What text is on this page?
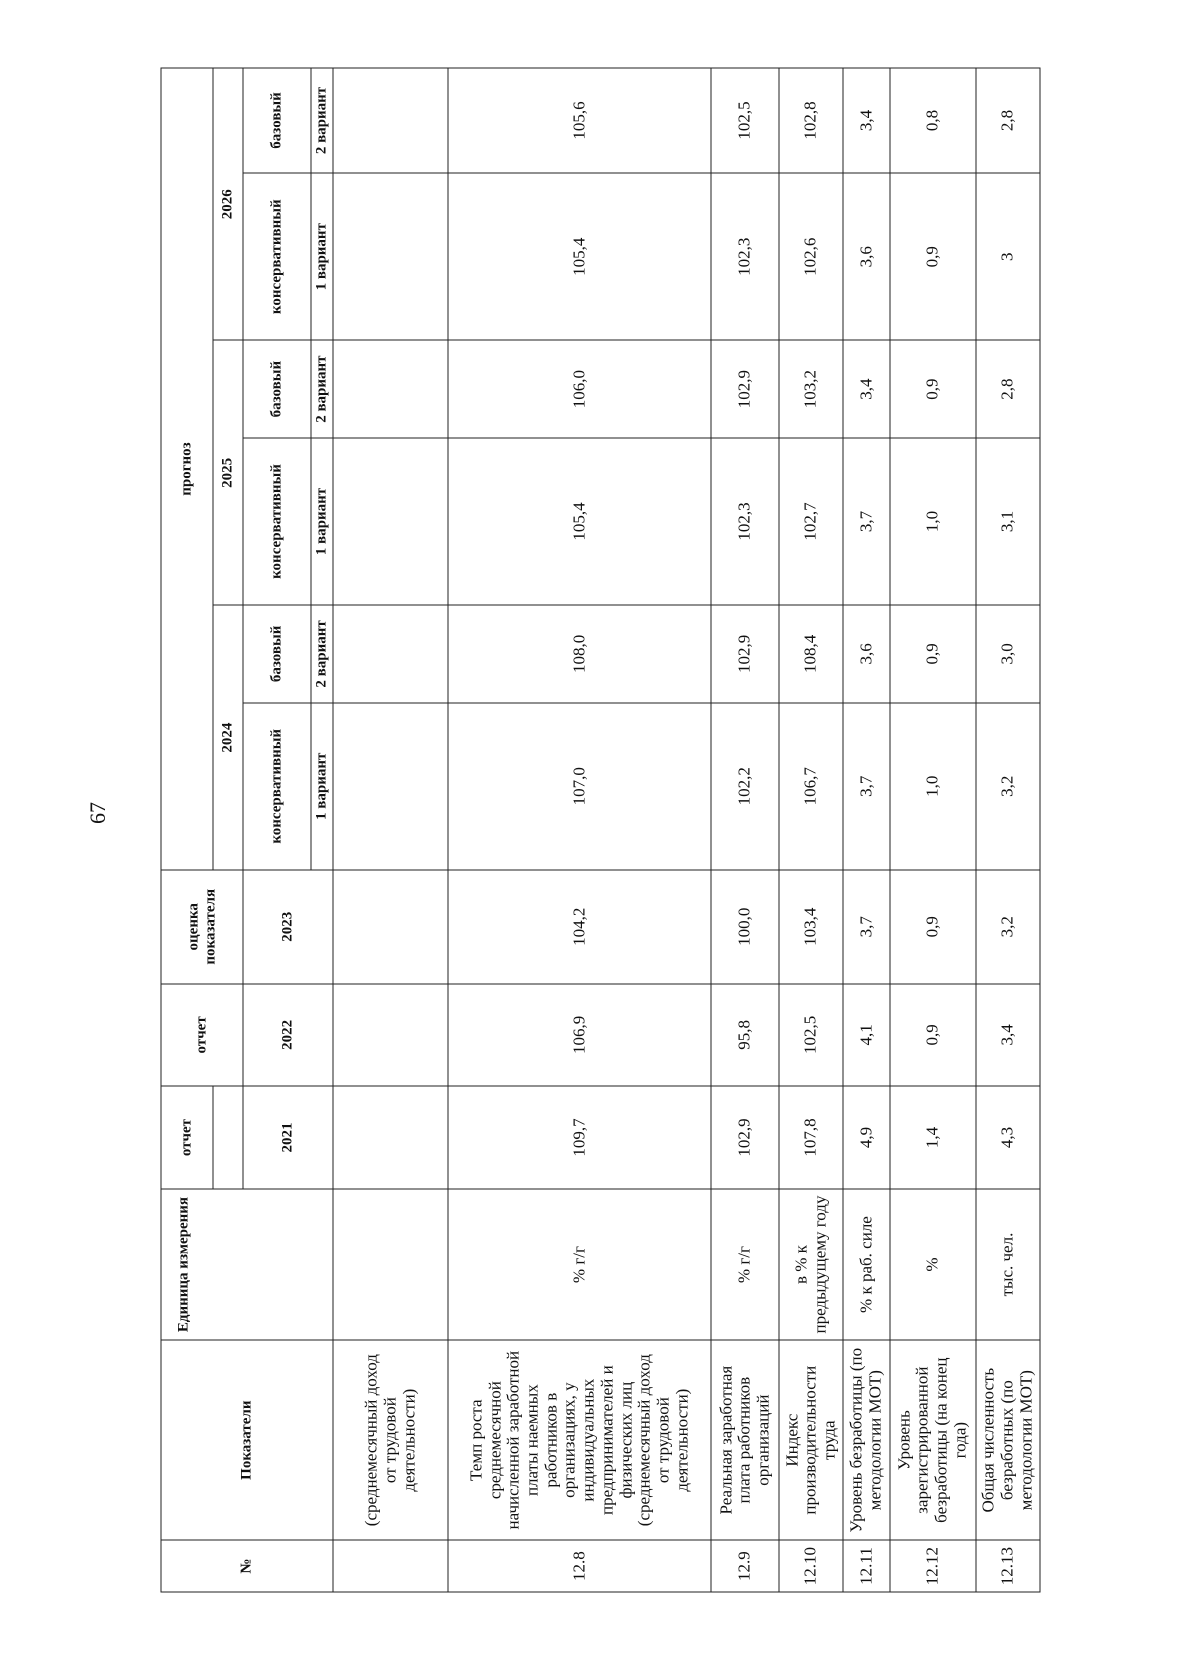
67
№	Показатели	Единица измерения	отчет	отчет	оценка показателя	прогноз					
						2024		2025		2026	
			2021	2022	2023	консервативный	базовый	консервативный	базовый	консервативный	базовый
						1 вариант	2 вариант	1 вариант	2 вариант	1 вариант	2 вариант
	(среднемесячный доход от трудовой деятельности)										
12.8	Темп роста среднемесячной начисленной заработной платы наемных работников в организациях, у индивидуальных предпринимателей и физических лиц (среднемесячный доход от трудовой деятельности)	% г/г	109,7	106,9	104,2	107,0	108,0	105,4	106,0	105,4	105,6
12.9	Реальная заработная плата работников организаций	% г/г	102,9	95,8	100,0	102,2	102,9	102,3	102,9	102,3	102,5
12.10	Индекс производительности труда	в % к предыдущему году	107,8	102,5	103,4	106,7	108,4	102,7	103,2	102,6	102,8
12.11	Уровень безработицы (по методологии МОТ)	% к раб. силе	4,9	4,1	3,7	3,7	3,6	3,7	3,4	3,6	3,4
12.12	Уровень зарегистрированной безработицы (на конец года)	%	1,4	0,9	0,9	1,0	0,9	1,0	0,9	0,9	0,8
12.13	Общая численность безработных (по методологии МОТ)	тыс. чел.	4,3	3,4	3,2	3,2	3,0	3,1	2,8	3	2,8
